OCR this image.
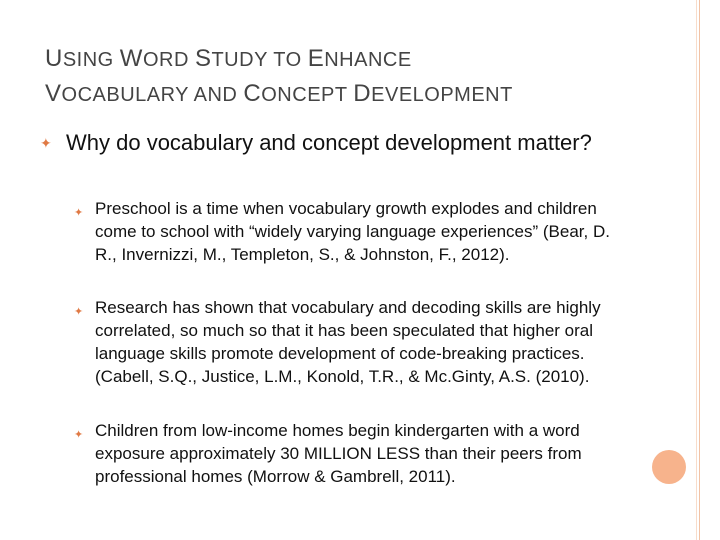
USING WORD STUDY TO ENHANCE
VOCABULARY AND CONCEPT DEVELOPMENT
✦ Why do vocabulary and concept development matter?
✦ Preschool is a time when vocabulary growth explodes and children come to school with “widely varying language experiences” (Bear, D. R., Invernizzi, M., Templeton, S., & Johnston, F., 2012).
✦ Research has shown that vocabulary and decoding skills are highly correlated, so much so that it has been speculated that higher oral language skills promote development of code-breaking practices. (Cabell, S.Q., Justice, L.M., Konold, T.R., & Mc.Ginty, A.S. (2010).
✦ Children from low-income homes begin kindergarten with a word exposure approximately 30 MILLION LESS than their peers from professional homes (Morrow & Gambrell, 2011).
